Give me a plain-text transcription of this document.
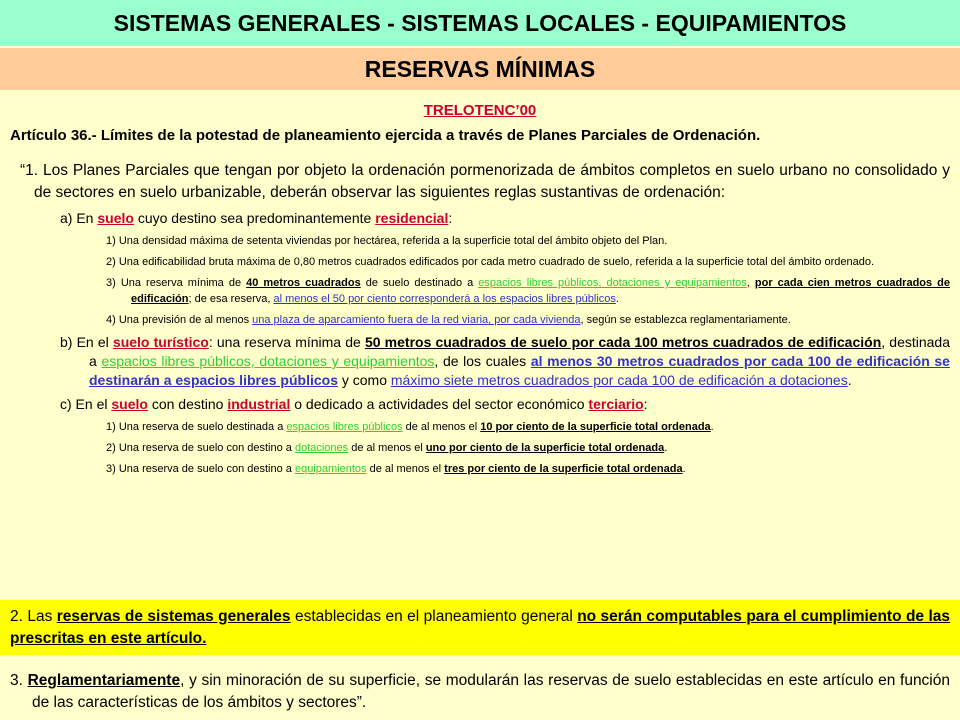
SISTEMAS GENERALES - SISTEMAS LOCALES - EQUIPAMIENTOS
RESERVAS MÍNIMAS
TRELOTENC’00
Artículo 36.- Límites de la potestad de planeamiento ejercida a través de Planes Parciales de Ordenación.
“1. Los Planes Parciales que tengan por objeto la ordenación pormenorizada de ámbitos completos en suelo urbano no consolidado y de sectores en suelo urbanizable, deberán observar las siguientes reglas sustantivas de ordenación:
a) En suelo cuyo destino sea predominantemente residencial:
1) Una densidad máxima de setenta viviendas por hectárea, referida a la superficie total del ámbito objeto del Plan.
2) Una edificabilidad bruta máxima de 0,80 metros cuadrados edificados por cada metro cuadrado de suelo, referida a la superficie total del ámbito ordenado.
3) Una reserva mínima de 40 metros cuadrados de suelo destinado a espacios libres públicos, dotaciones y equipamientos, por cada cien metros cuadrados de edificación; de esa reserva, al menos el 50 por ciento corresponderá a los espacios libres públicos.
4) Una previsión de al menos una plaza de aparcamiento fuera de la red viaria, por cada vivienda, según se establezca reglamentariamente.
b) En el suelo turístico: una reserva mínima de 50 metros cuadrados de suelo por cada 100 metros cuadrados de edificación, destinada a espacios libres públicos, dotaciones y equipamientos, de los cuales al menos 30 metros cuadrados por cada 100 de edificación se destinarán a espacios libres públicos y como máximo siete metros cuadrados por cada 100 de edificación a dotaciones.
c) En el suelo con destino industrial o dedicado a actividades del sector económico terciario:
1) Una reserva de suelo destinada a espacios libres públicos de al menos el 10 por ciento de la superficie total ordenada.
2) Una reserva de suelo con destino a dotaciones de al menos el uno por ciento de la superficie total ordenada.
3) Una reserva de suelo con destino a equipamientos de al menos el tres por ciento de la superficie total ordenada.
2. Las reservas de sistemas generales establecidas en el planeamiento general no serán computables para el cumplimiento de las prescritas en este artículo.
3. Reglamentariamente, y sin minoración de su superficie, se modularán las reservas de suelo establecidas en este artículo en función de las características de los ámbitos y sectores”.
